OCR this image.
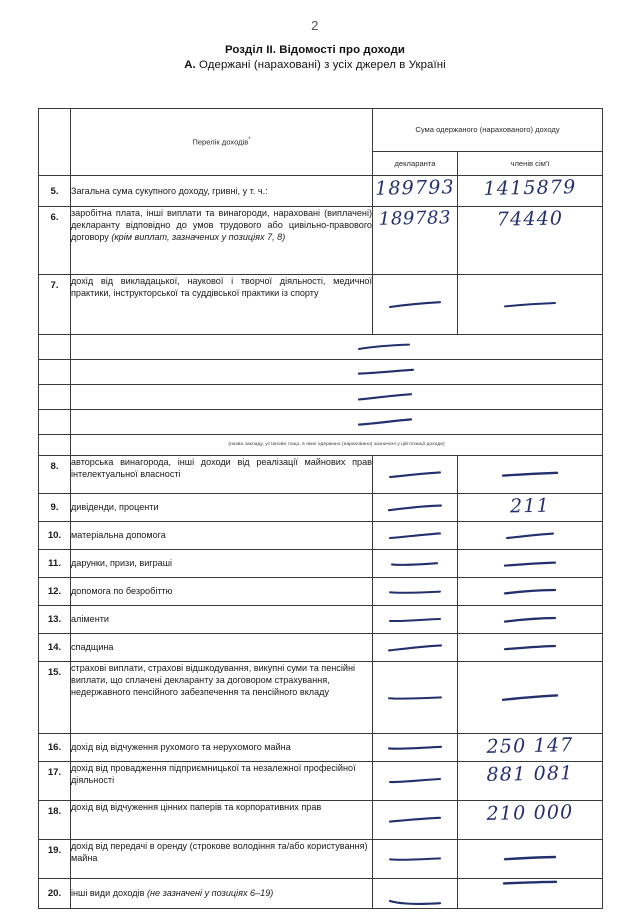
2
Розділ II. Відомості про доходи
А. Одержані (нараховані) з усіх джерел в Україні

	Перелік доходів*	Сума одержаного (нарахованого) доходу	

		декларанта	членів сім'ї

5.	Загальна сума сукупного доходу, гривні, у т. ч.:	189793	1415879

6.	заробітна плата, інші виплати та винагороди, нараховані (виплачені) декларанту відповідно до умов трудового або цивільно-правового договору (крім виплат, зазначених у позиціях 7, 8)	189783	74440

7.	дохід від викладацької, наукової і творчої діяльності, медичної практики, інструкторської та суддівської практики із спорту	

	(назва закладу, установи тощо, в яких одержано (нараховано) зазначені у цій позиції доходи)		

8.	авторська винагорода, інші доходи від реалізації майнових прав інтелектуальної власності	

9.	дивіденди, проценти		211

10.	матеріальна допомога	

11.	дарунки, призи, виграші	

12.	допомога по безробіттю	

13.	аліменти	

14.	спадщина	

15.	страхові виплати, страхові відшкодування, викупні суми та пенсійні виплати, що сплачені декларанту за договором страхування, недержавного пенсійного забезпечення та пенсійного вкладу	

16.	дохід від відчуження рухомого та нерухомого майна		250 147

17.	дохід від провадження підприємницької та незалежної професійної діяльності		881 081

18.	дохід від відчуження цінних паперів та корпоративних прав		210 000

19.	дохід від передачі в оренду (строкове володіння та/або користування) майна	

20.	інші види доходів (не зазначені у позиціях 6–19)	
